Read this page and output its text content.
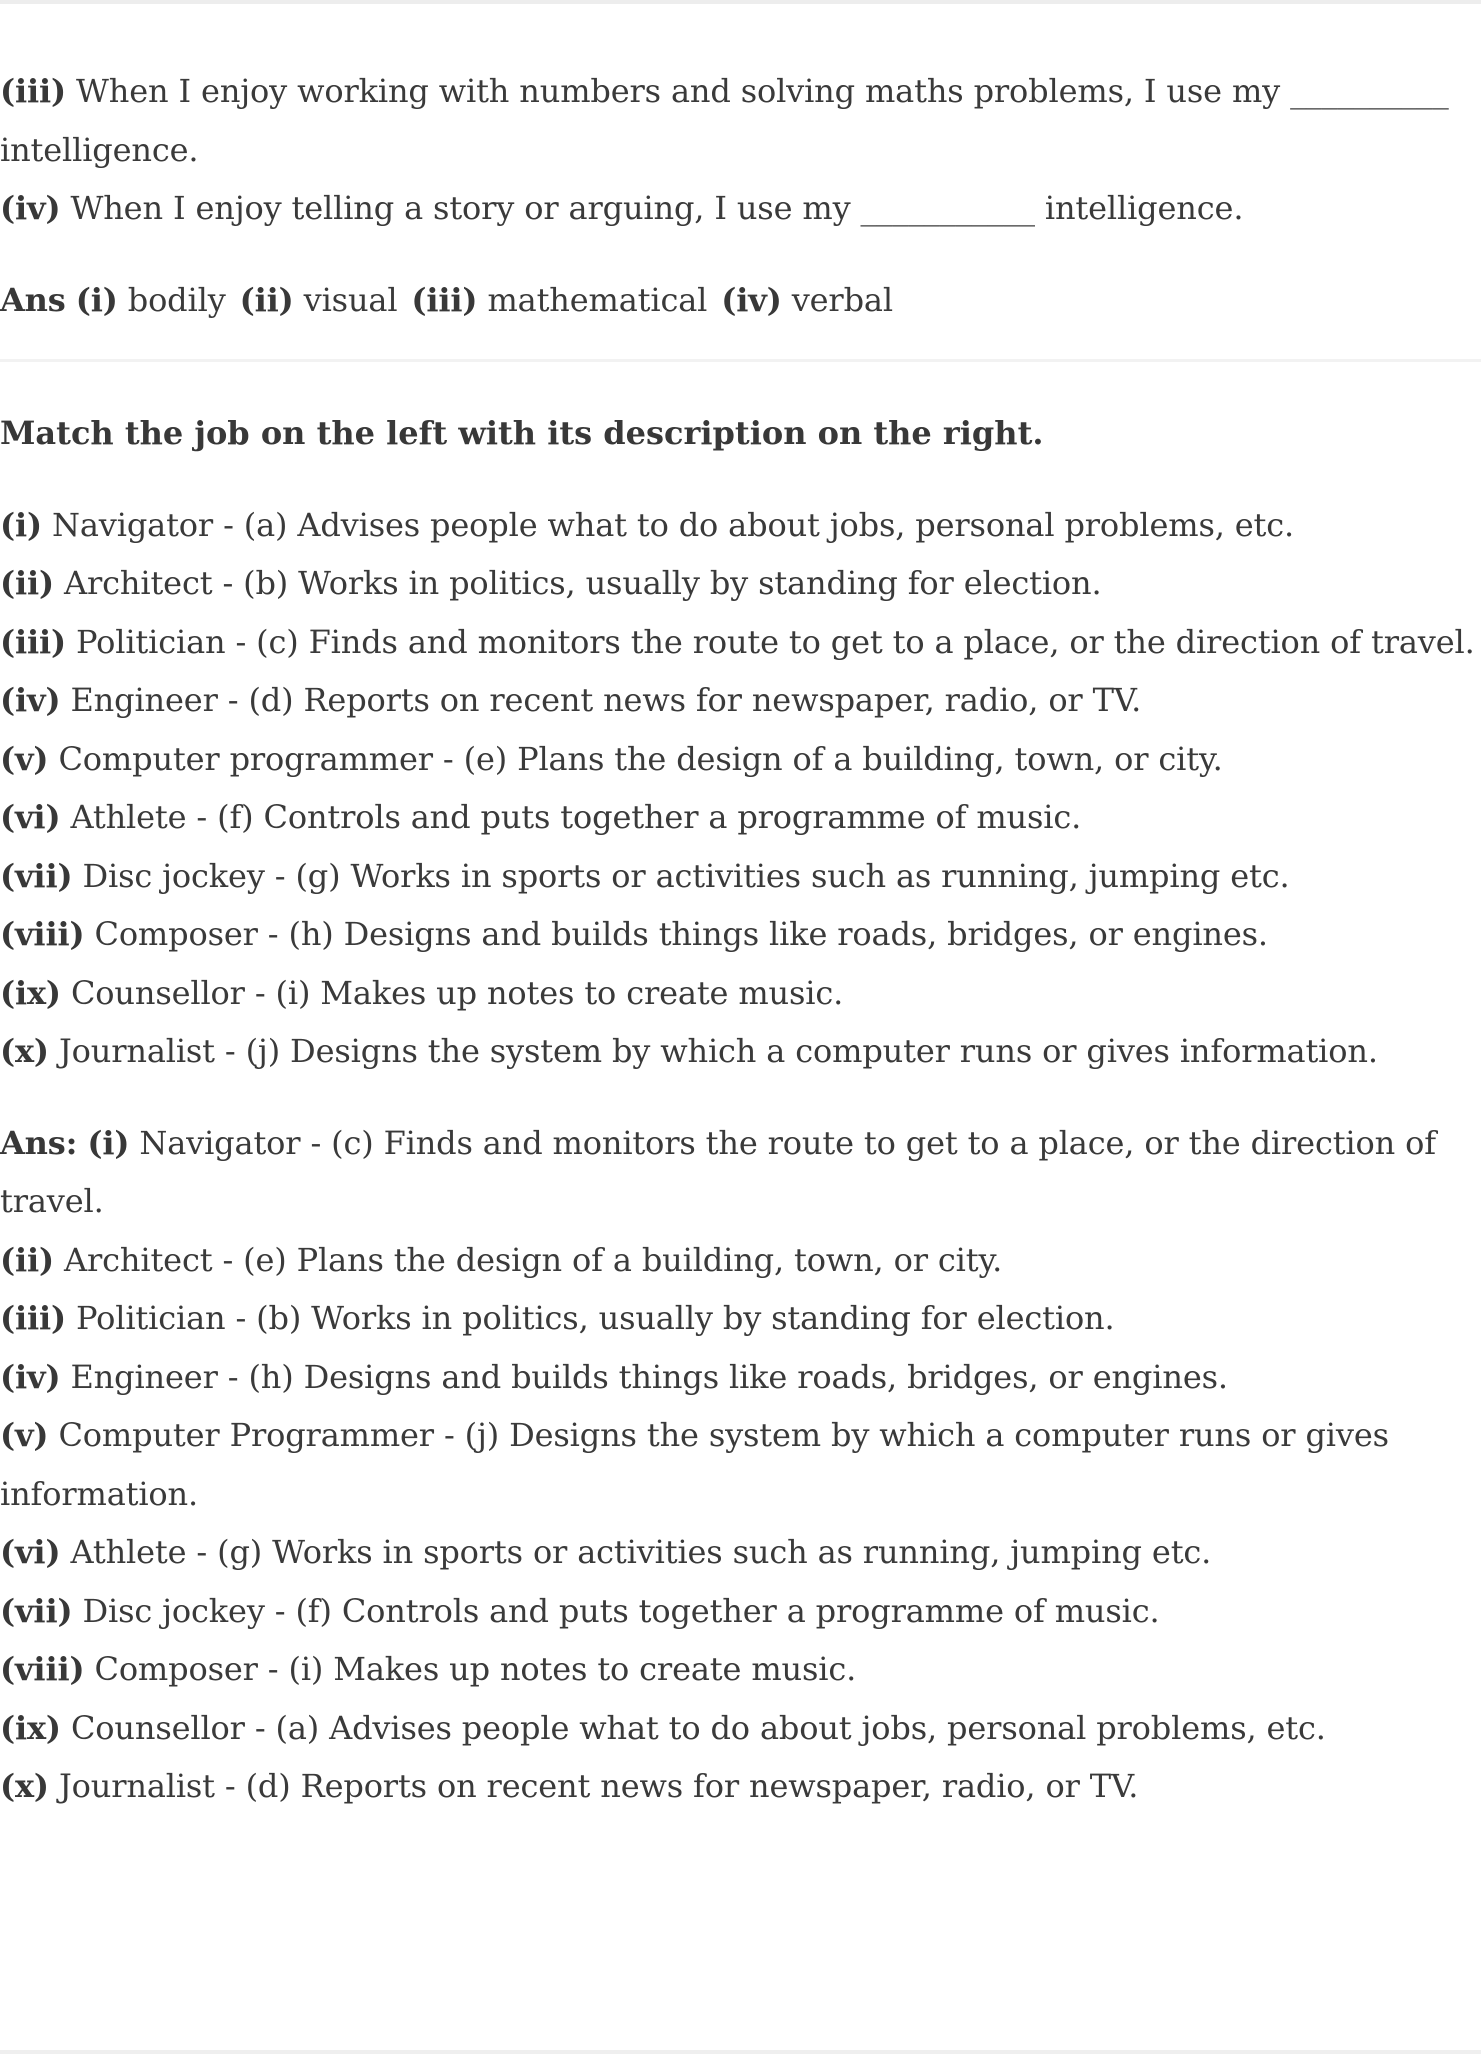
(iii) When I enjoy working with numbers and solving maths problems, I use my __________

intelligence.

(iv) When I enjoy telling a story or arguing, I use my ___________ intelligence.

Ans (i) bodily (ii) visual (iii) mathematical (iv) verbal

Match the job on the left with its description on the right.

(i) Navigator - (a) Advises people what to do about jobs, personal problems, etc.

(ii) Architect - (b) Works in politics, usually by standing for election.

(iii) Politician - (c) Finds and monitors the route to get to a place, or the direction of travel.

(iv) Engineer - (d) Reports on recent news for newspaper, radio, or TV.

(v) Computer programmer - (e) Plans the design of a building, town, or city.

(vi) Athlete - (f) Controls and puts together a programme of music.

(vii) Disc jockey - (g) Works in sports or activities such as running, jumping etc.

(viii) Composer - (h) Designs and builds things like roads, bridges, or engines.

(ix) Counsellor - (i) Makes up notes to create music.

(x) Journalist - (j) Designs the system by which a computer runs or gives information.

Ans: (i) Navigator - (c) Finds and monitors the route to get to a place, or the direction of

travel.

(ii) Architect - (e) Plans the design of a building, town, or city.

(iii) Politician - (b) Works in politics, usually by standing for election.

(iv) Engineer - (h) Designs and builds things like roads, bridges, or engines.

(v) Computer Programmer - (j) Designs the system by which a computer runs or gives

information.

(vi) Athlete - (g) Works in sports or activities such as running, jumping etc.

(vii) Disc jockey - (f) Controls and puts together a programme of music.

(viii) Composer - (i) Makes up notes to create music.

(ix) Counsellor - (a) Advises people what to do about jobs, personal problems, etc.

(x) Journalist - (d) Reports on recent news for newspaper, radio, or TV.
